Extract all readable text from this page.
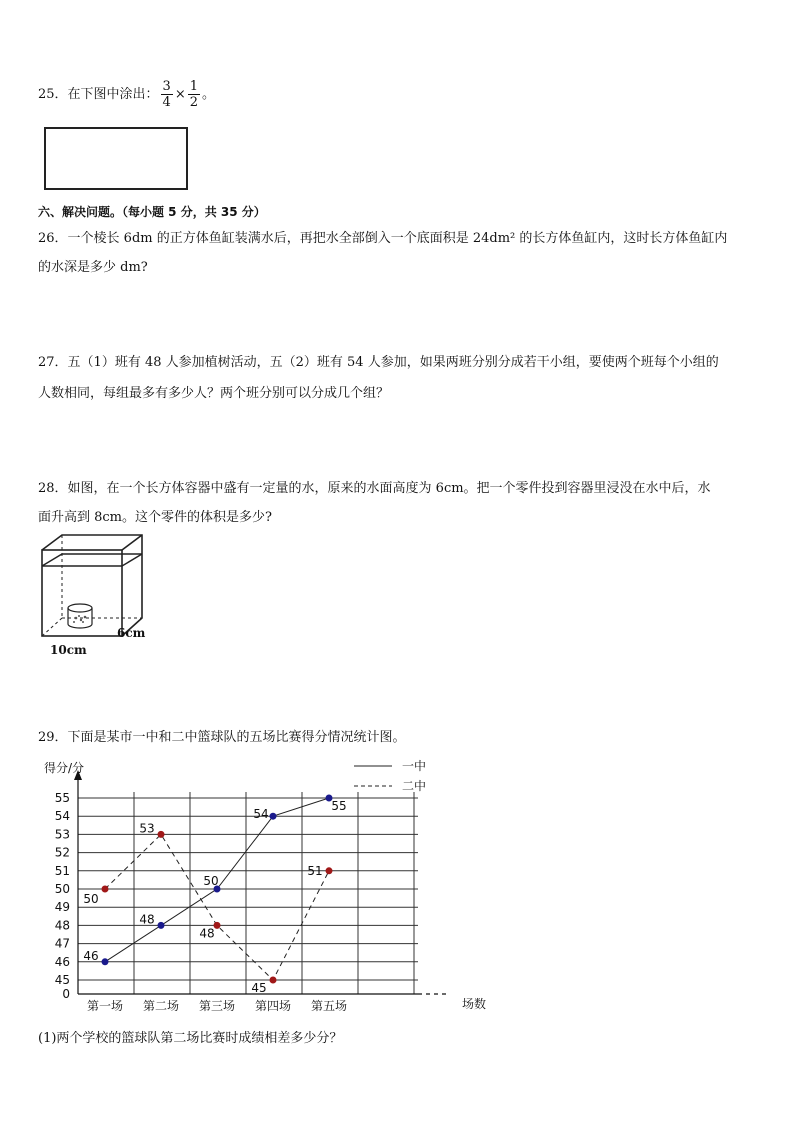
25．在下图中涂出： $\frac{3}{4} \times \frac{1}{2}$ 。
六、解决问题。（每小题 5 分，共 35 分）
26．一个棱长 6dm 的正方体鱼缸装满水后，再把水全部倒入一个底面积是 24dm² 的长方体鱼缸内，这时长方体鱼缸内
的水深是多少 dm?
27．五（1）班有 48 人参加植树活动，五（2）班有 54 人参加，如果两班分别分成若干小组，要使两个班每个小组的
人数相同，每组最多有多少人？两个班分别可以分成几个组？
28．如图，在一个长方体容器中盛有一定量的水，原来的水面高度为 6cm。把一个零件投到容器里浸没在水中后，水
面升高到 8cm。这个零件的体积是多少?
6cm
10cm
29．下面是某市一中和二中篮球队的五场比赛得分情况统计图。
0
45
46
47
48
49
50
51
52
53
54
55
得分/分
场数
第一场 第二场 第三场 第四场 第五场
46
48
50
54
55
50
53
48
45
51
一中
二中
(1)两个学校的篮球队第二场比赛时成绩相差多少分？
